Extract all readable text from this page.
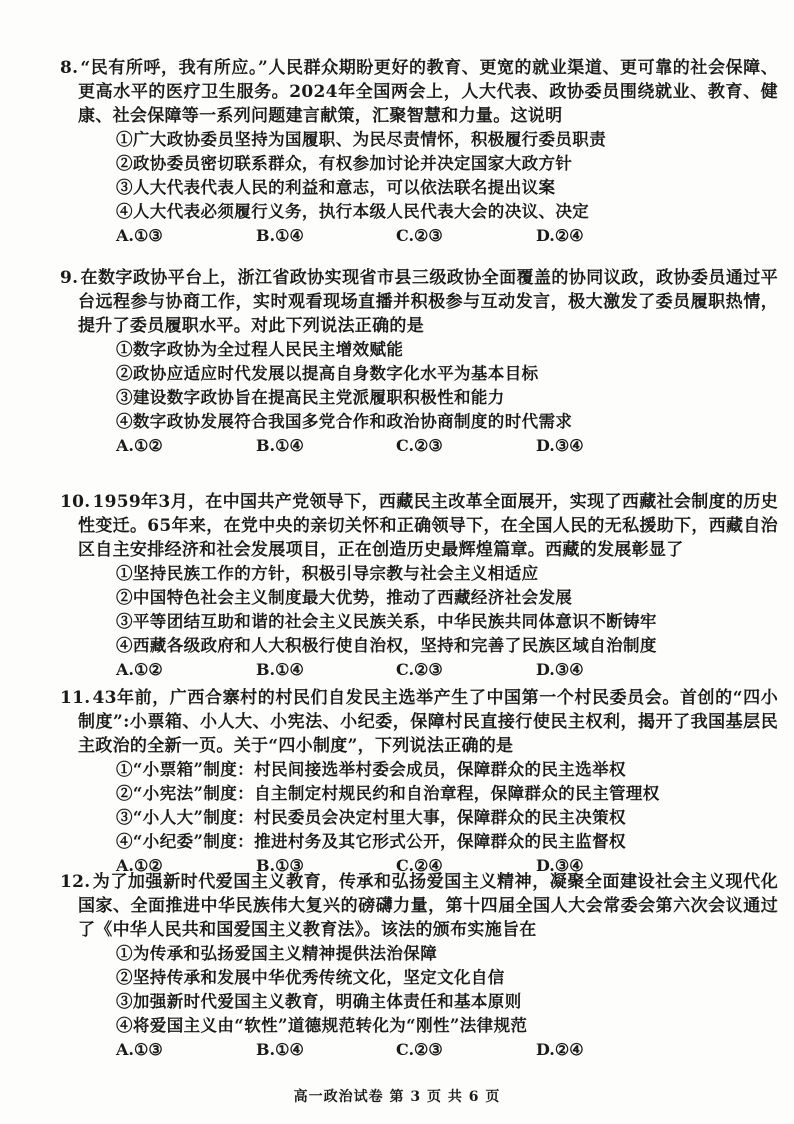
8. “民有所呼，我有所应。”人民群众期盼更好的教育、更宽的就业渠道、更可靠的社会保障、更高水平的医疗卫生服务。2024年全国两会上，人大代表、政协委员围绕就业、教育、健康、社会保障等一系列问题建言献策，汇聚智慧和力量。这说明

①广大政协委员坚持为国履职、为民尽责情怀，积极履行委员职责

②政协委员密切联系群众，有权参加讨论并决定国家大政方针

③人大代表代表人民的利益和意志，可以依法联名提出议案

④人大代表必须履行义务，执行本级人民代表大会的决议、决定

A.①③	B.①④	C.②③	D.②④

9. 在数字政协平台上，浙江省政协实现省市县三级政协全面覆盖的协同议政，政协委员通过平台远程参与协商工作，实时观看现场直播并积极参与互动发言，极大激发了委员履职热情，提升了委员履职水平。对此下列说法正确的是

①数字政协为全过程人民民主增效赋能

②政协应适应时代发展以提高自身数字化水平为基本目标

③建设数字政协旨在提高民主党派履职积极性和能力

④数字政协发展符合我国多党合作和政治协商制度的时代需求

A.①②	B.①④	C.②③	D.③④

10. 1959年3月，在中国共产党领导下，西藏民主改革全面展开，实现了西藏社会制度的历史性变迁。65年来，在党中央的亲切关怀和正确领导下，在全国人民的无私援助下，西藏自治区自主安排经济和社会发展项目，正在创造历史最辉煌篇章。西藏的发展彰显了

①坚持民族工作的方针，积极引导宗教与社会主义相适应

②中国特色社会主义制度最大优势，推动了西藏经济社会发展

③平等团结互助和谐的社会主义民族关系，中华民族共同体意识不断铸牢

④西藏各级政府和人大积极行使自治权，坚持和完善了民族区域自治制度

A.①②	B.①④	C.②③	D.③④

11. 43年前，广西合寨村的村民们自发民主选举产生了中国第一个村民委员会。首创的“四小制度”:小票箱、小人大、小宪法、小纪委，保障村民直接行使民主权利，揭开了我国基层民主政治的全新一页。关于“四小制度”，下列说法正确的是

①“小票箱”制度：村民间接选举村委会成员，保障群众的民主选举权

②“小宪法”制度：自主制定村规民约和自治章程，保障群众的民主管理权

③“小人大”制度：村民委员会决定村里大事，保障群众的民主决策权

④“小纪委”制度：推进村务及其它形式公开，保障群众的民主监督权

A.①②	B.①③	C.②④	D.③④

12. 为了加强新时代爱国主义教育，传承和弘扬爱国主义精神，凝聚全面建设社会主义现代化国家、全面推进中华民族伟大复兴的磅礴力量，第十四届全国人大会常委会第六次会议通过了《中华人民共和国爱国主义教育法》。该法的颁布实施旨在

①为传承和弘扬爱国主义精神提供法治保障

②坚持传承和发展中华优秀传统文化，坚定文化自信

③加强新时代爱国主义教育，明确主体责任和基本原则

④将爱国主义由“软性”道德规范转化为“刚性”法律规范

A.①③	B.①④	C.②③	D.②④
高一政治试卷 第 3 页 共 6 页
